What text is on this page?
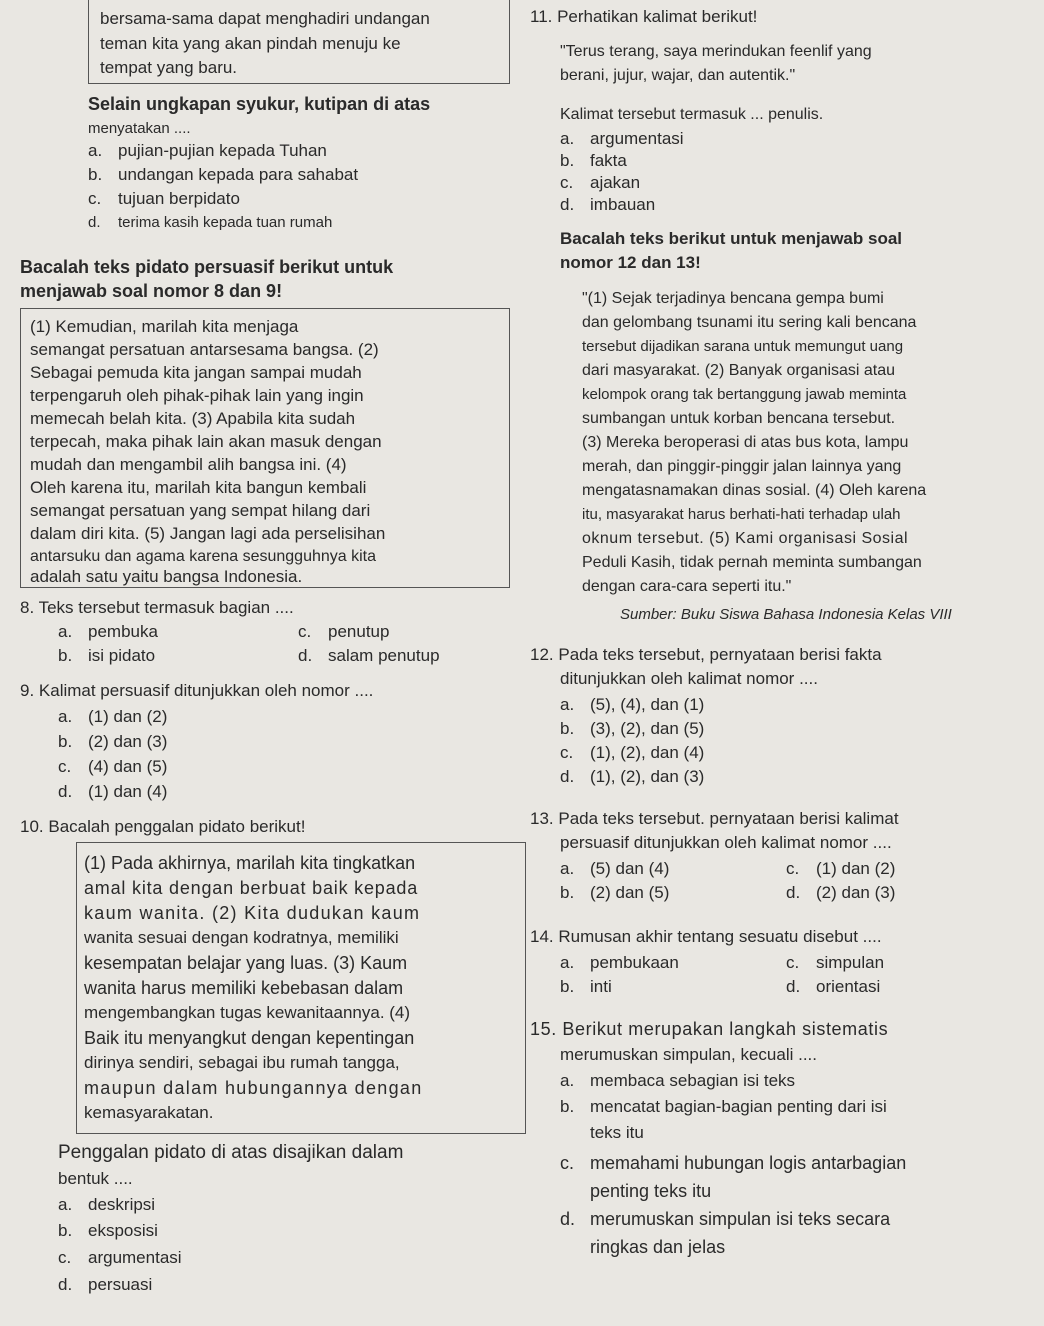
bersama-sama dapat menghadiri undangan
teman kita yang akan pindah menuju ke
tempat yang baru.
Selain ungkapan syukur, kutipan di atas
menyatakan ....
a. pujian-pujian kepada Tuhan
b. undangan kepada para sahabat
c. tujuan berpidato
d. terima kasih kepada tuan rumah
Bacalah teks pidato persuasif berikut untuk
menjawab soal nomor 8 dan 9!
(1) Kemudian, marilah kita menjaga
semangat persatuan antarsesama bangsa. (2)
Sebagai pemuda kita jangan sampai mudah
terpengaruh oleh pihak-pihak lain yang ingin
memecah belah kita. (3) Apabila kita sudah
terpecah, maka pihak lain akan masuk dengan
mudah dan mengambil alih bangsa ini. (4)
Oleh karena itu, marilah kita bangun kembali
semangat persatuan yang sempat hilang dari
dalam diri kita. (5) Jangan lagi ada perselisihan
antarsuku dan agama karena sesungguhnya kita
adalah satu yaitu bangsa Indonesia.
8. Teks tersebut termasuk bagian ....
a. pembuka	c. penutup
b. isi pidato	d. salam penutup
9. Kalimat persuasif ditunjukkan oleh nomor ....
a. (1) dan (2)
b. (2) dan (3)
c. (4) dan (5)
d. (1) dan (4)
10. Bacalah penggalan pidato berikut!
(1) Pada akhirnya, marilah kita tingkatkan
amal kita dengan berbuat baik kepada
kaum wanita. (2) Kita dudukan kaum
wanita sesuai dengan kodratnya, memiliki
kesempatan belajar yang luas. (3) Kaum
wanita harus memiliki kebebasan dalam
mengembangkan tugas kewanitaannya. (4)
Baik itu menyangkut dengan kepentingan
dirinya sendiri, sebagai ibu rumah tangga,
maupun dalam hubungannya dengan
kemasyarakatan.
Penggalan pidato di atas disajikan dalam
bentuk ....
a. deskripsi
b. eksposisi
c. argumentasi
d. persuasi
11. Perhatikan kalimat berikut!
"Terus terang, saya merindukan feenlif yang
berani, jujur, wajar, dan autentik."
Kalimat tersebut termasuk ... penulis.
a. argumentasi
b. fakta
c. ajakan
d. imbauan
Bacalah teks berikut untuk menjawab soal
nomor 12 dan 13!
"(1) Sejak terjadinya bencana gempa bumi
dan gelombang tsunami itu sering kali bencana
tersebut dijadikan sarana untuk memungut uang
dari masyarakat. (2) Banyak organisasi atau
kelompok orang tak bertanggung jawab meminta
sumbangan untuk korban bencana tersebut.
(3) Mereka beroperasi di atas bus kota, lampu
merah, dan pinggir-pinggir jalan lainnya yang
mengatasnamakan dinas sosial. (4) Oleh karena
itu, masyarakat harus berhati-hati terhadap ulah
oknum tersebut. (5) Kami organisasi Sosial
Peduli Kasih, tidak pernah meminta sumbangan
dengan cara-cara seperti itu."
Sumber: Buku Siswa Bahasa Indonesia Kelas VIII
12. Pada teks tersebut, pernyataan berisi fakta
ditunjukkan oleh kalimat nomor ....
a. (5), (4), dan (1)
b. (3), (2), dan (5)
c. (1), (2), dan (4)
d. (1), (2), dan (3)
13. Pada teks tersebut. pernyataan berisi kalimat
persuasif ditunjukkan oleh kalimat nomor ....
a. (5) dan (4)	c. (1) dan (2)
b. (2) dan (5)	d. (2) dan (3)
14. Rumusan akhir tentang sesuatu disebut ....
a. pembukaan	c. simpulan
b. inti	d. orientasi
15. Berikut merupakan langkah sistematis
merumuskan simpulan, kecuali ....
a. membaca sebagian isi teks
b. mencatat bagian-bagian penting dari isi
teks itu
c. memahami hubungan logis antarbagian
penting teks itu
d. merumuskan simpulan isi teks secara
ringkas dan jelas
